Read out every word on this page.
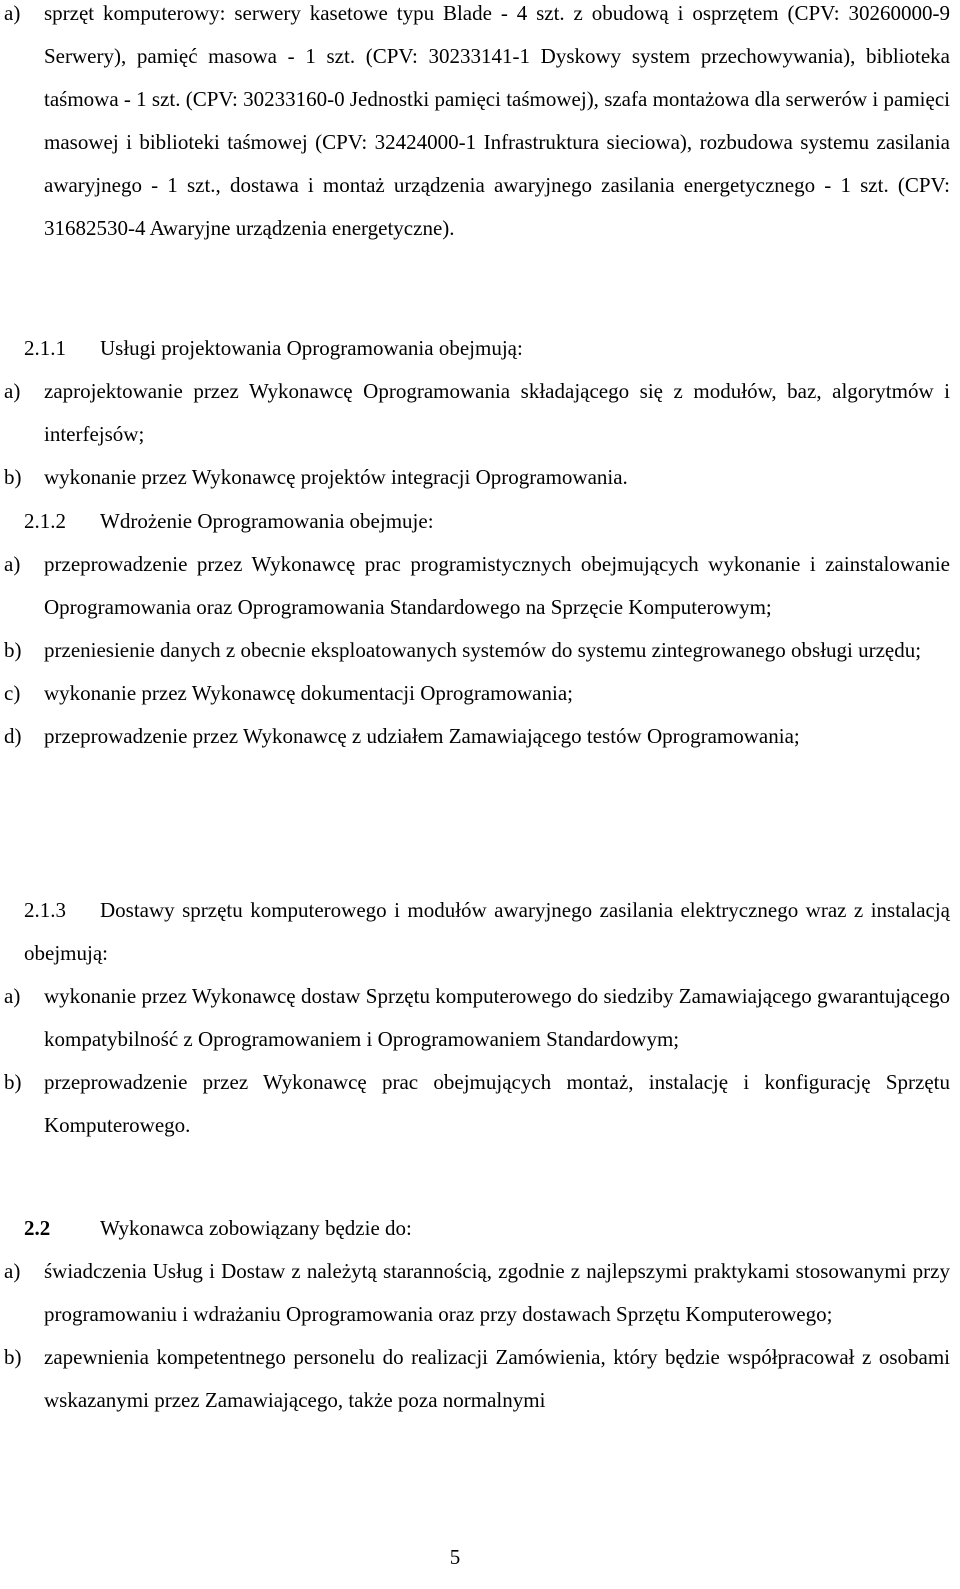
a)	sprzęt komputerowy: serwery kasetowe typu Blade - 4 szt. z obudową i osprzętem (CPV: 30260000-9 Serwery), pamięć masowa - 1 szt. (CPV: 30233141-1 Dyskowy system przechowywania), biblioteka taśmowa - 1 szt. (CPV: 30233160-0 Jednostki pamięci taśmowej), szafa montażowa dla serwerów i pamięci masowej i biblioteki taśmowej (CPV: 32424000-1 Infrastruktura sieciowa), rozbudowa systemu zasilania awaryjnego - 1 szt., dostawa i montaż urządzenia awaryjnego zasilania energetycznego - 1 szt. (CPV: 31682530-4 Awaryjne urządzenia energetyczne).
2.1.1	Usługi projektowania Oprogramowania obejmują:
a)	zaprojektowanie przez Wykonawcę Oprogramowania składającego się z modułów, baz, algorytmów i interfejsów;
b)	wykonanie przez Wykonawcę projektów integracji Oprogramowania.
2.1.2	Wdrożenie Oprogramowania obejmuje:
a)	przeprowadzenie przez Wykonawcę prac programistycznych obejmujących wykonanie i zainstalowanie Oprogramowania oraz Oprogramowania Standardowego na Sprzęcie Komputerowym;
b)	przeniesienie danych z obecnie eksploatowanych systemów do systemu zintegrowanego obsługi urzędu;
c)	wykonanie przez Wykonawcę dokumentacji Oprogramowania;
d)	przeprowadzenie przez Wykonawcę z udziałem Zamawiającego testów Oprogramowania;
2.1.3 Dostawy sprzętu komputerowego i modułów awaryjnego zasilania elektrycznego wraz z instalacją obejmują:
a)	wykonanie przez Wykonawcę dostaw Sprzętu komputerowego do siedziby Zamawiającego gwarantującego kompatybilność z Oprogramowaniem i Oprogramowaniem Standardowym;
b)	przeprowadzenie przez Wykonawcę prac obejmujących montaż, instalację i konfigurację Sprzętu Komputerowego.
2.2	Wykonawca zobowiązany będzie do:
a)	świadczenia Usług i Dostaw z należytą starannością, zgodnie z najlepszymi praktykami stosowanymi przy programowaniu i wdrażaniu Oprogramowania oraz przy dostawach Sprzętu Komputerowego;
b)	zapewnienia kompetentnego personelu do realizacji Zamówienia, który będzie współpracował z osobami wskazanymi przez Zamawiającego, także poza normalnymi
5
